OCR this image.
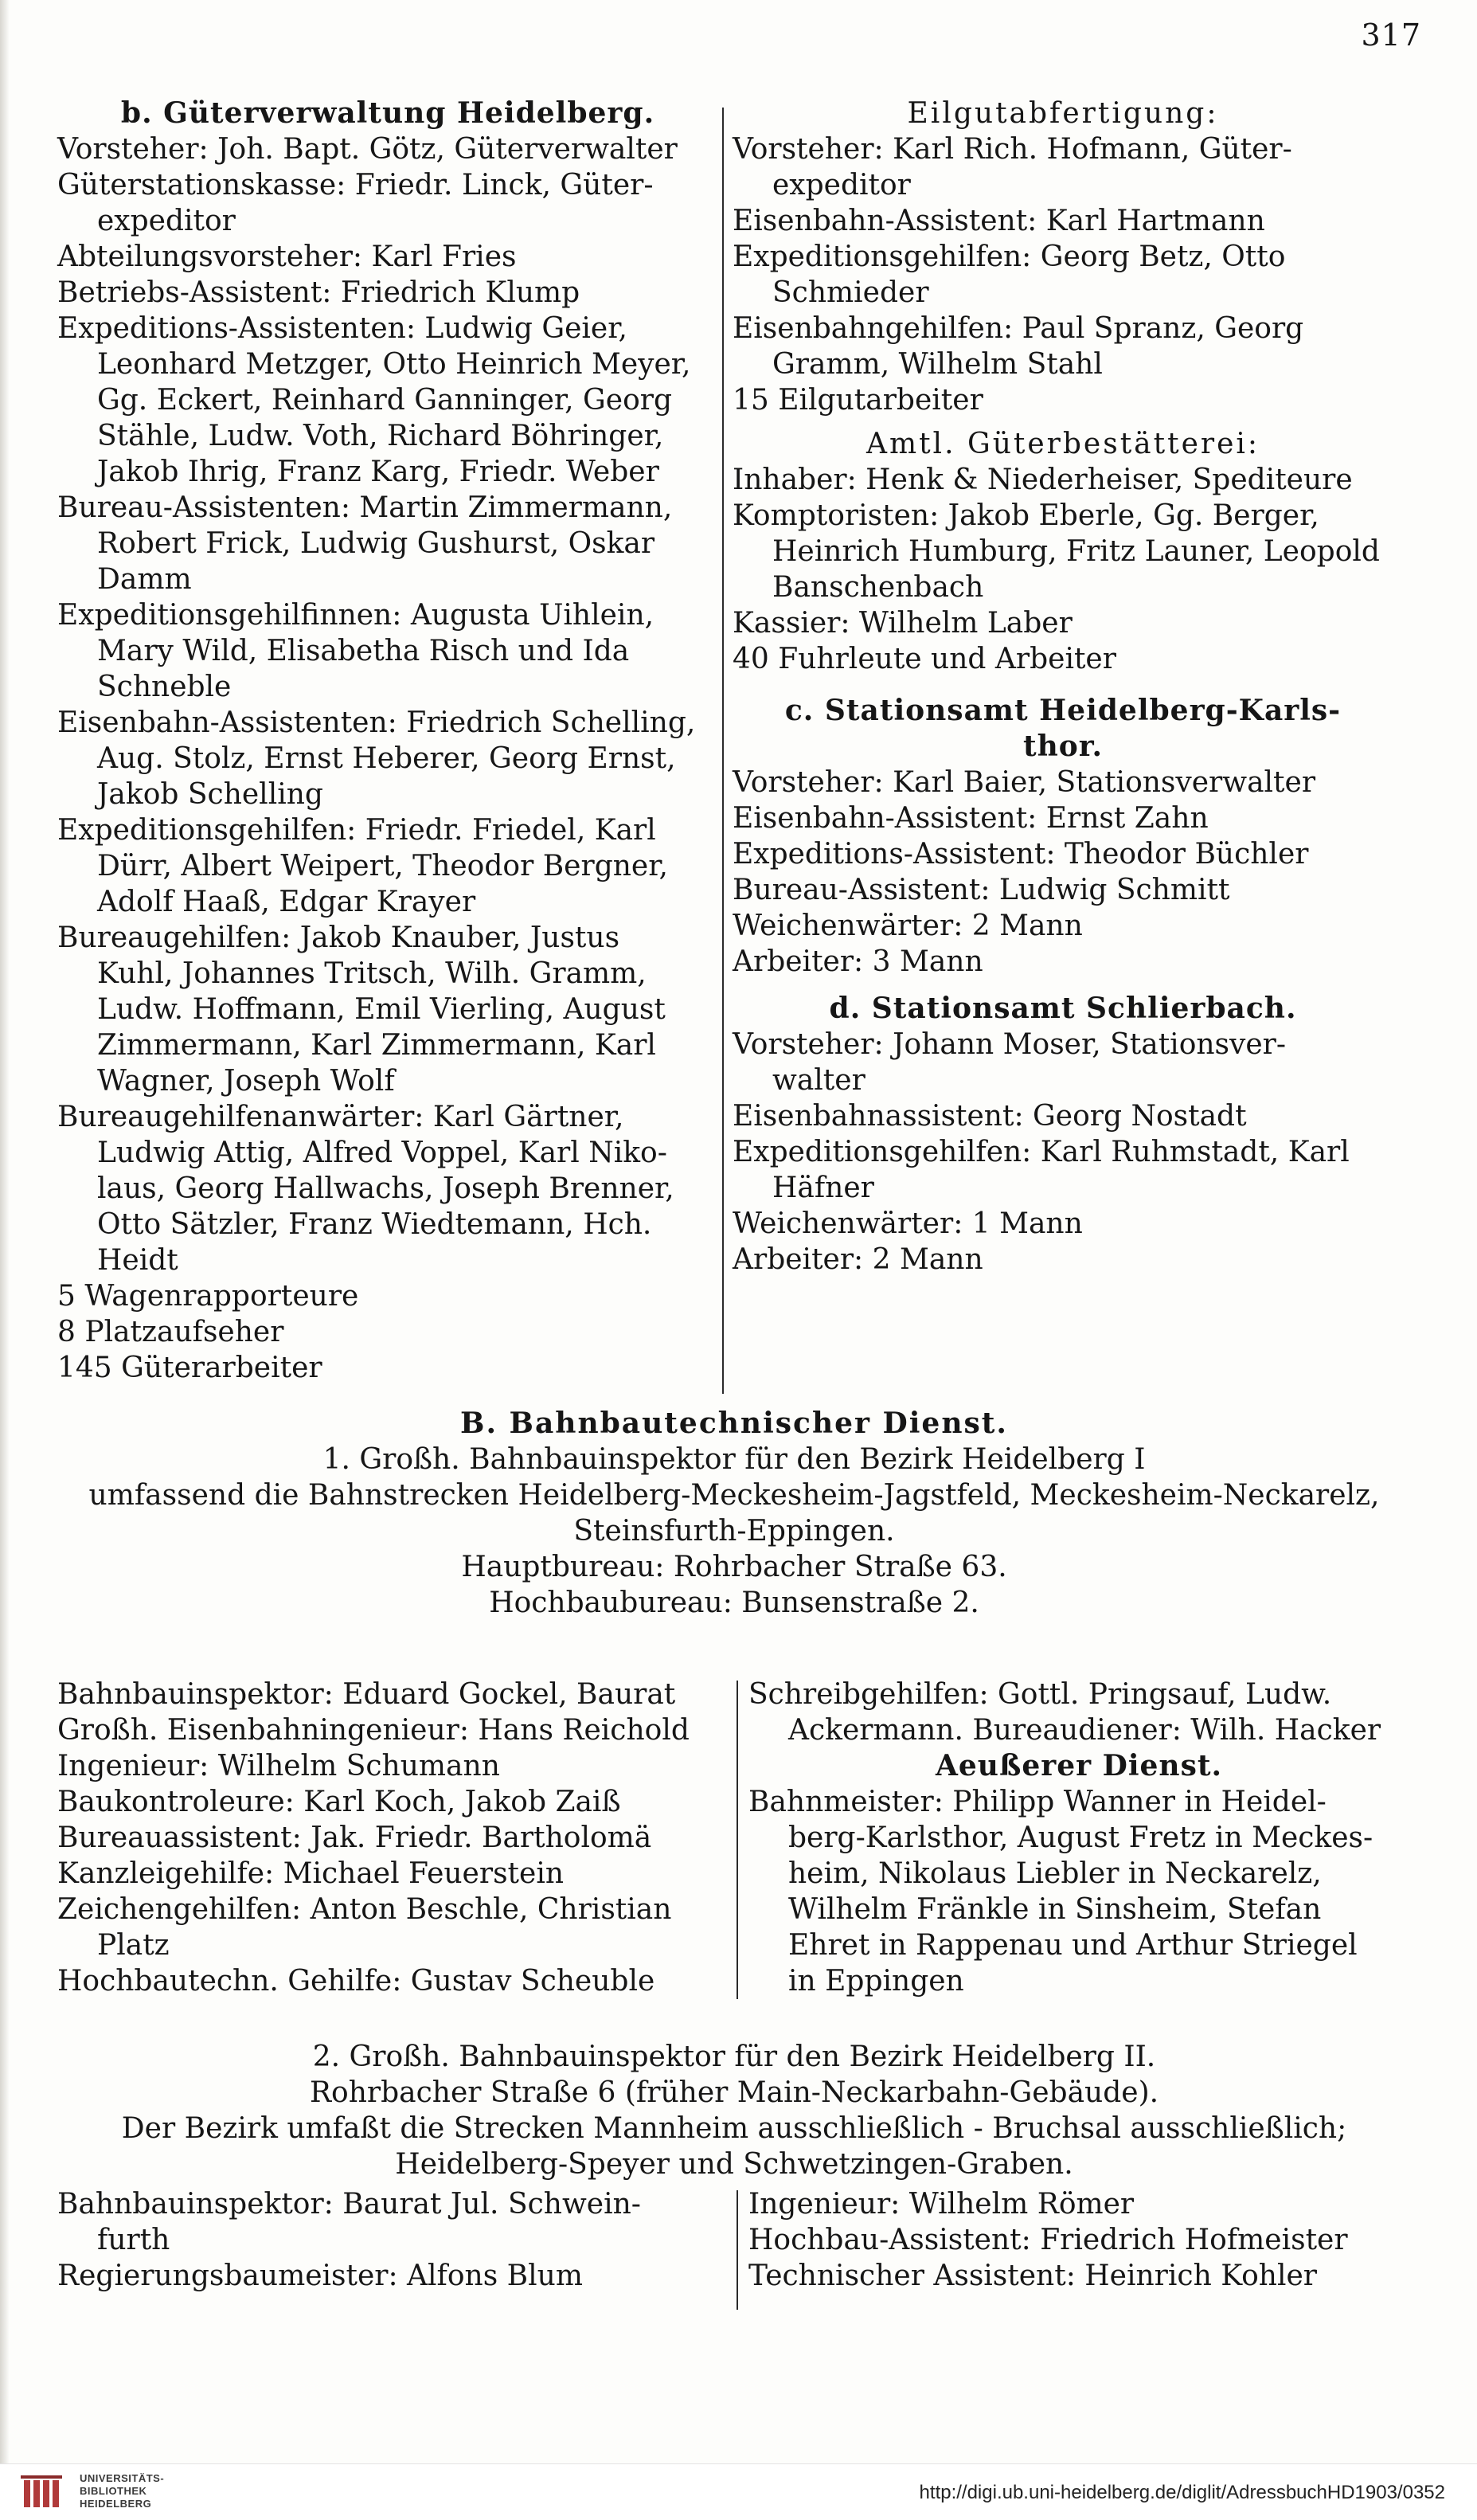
317
b. Güterverwaltung Heidelberg.
Vorsteher: Joh. Bapt. Götz, Güterverwalter
Güterstationskasse: Friedr. Linck, Güter-
expeditor
Abteilungsvorsteher: Karl Fries
Betriebs-Assistent: Friedrich Klump
Expeditions-Assistenten: Ludwig Geier,
Leonhard Metzger, Otto Heinrich Meyer,
Gg. Eckert, Reinhard Ganninger, Georg
Stähle, Ludw. Voth, Richard Böhringer,
Jakob Ihrig, Franz Karg, Friedr. Weber
Bureau-Assistenten: Martin Zimmermann,
Robert Frick, Ludwig Gushurst, Oskar
Damm
Expeditionsgehilfinnen: Augusta Uihlein,
Mary Wild, Elisabetha Risch und Ida
Schneble
Eisenbahn-Assistenten: Friedrich Schelling,
Aug. Stolz, Ernst Heberer, Georg Ernst,
Jakob Schelling
Expeditionsgehilfen: Friedr. Friedel, Karl
Dürr, Albert Weipert, Theodor Bergner,
Adolf Haaß, Edgar Krayer
Bureaugehilfen: Jakob Knauber, Justus
Kuhl, Johannes Tritsch, Wilh. Gramm,
Ludw. Hoffmann, Emil Vierling, August
Zimmermann, Karl Zimmermann, Karl
Wagner, Joseph Wolf
Bureaugehilfenanwärter: Karl Gärtner,
Ludwig Attig, Alfred Voppel, Karl Niko-
laus, Georg Hallwachs, Joseph Brenner,
Otto Sätzler, Franz Wiedtemann, Hch.
Heidt
5 Wagenrapporteure
8 Platzaufseher
145 Güterarbeiter
Eilgutabfertigung:
Vorsteher: Karl Rich. Hofmann, Güter-
expeditor
Eisenbahn-Assistent: Karl Hartmann
Expeditionsgehilfen: Georg Betz, Otto
Schmieder
Eisenbahngehilfen: Paul Spranz, Georg
Gramm, Wilhelm Stahl
15 Eilgutarbeiter
Amtl. Güterbestätterei:
Inhaber: Henk & Niederheiser, Spediteure
Komptoristen: Jakob Eberle, Gg. Berger,
Heinrich Humburg, Fritz Launer, Leopold
Banschenbach
Kassier: Wilhelm Laber
40 Fuhrleute und Arbeiter
c. Stationsamt Heidelberg-Karls-
thor.
Vorsteher: Karl Baier, Stationsverwalter
Eisenbahn-Assistent: Ernst Zahn
Expeditions-Assistent: Theodor Büchler
Bureau-Assistent: Ludwig Schmitt
Weichenwärter: 2 Mann
Arbeiter: 3 Mann
d. Stationsamt Schlierbach.
Vorsteher: Johann Moser, Stationsver-
walter
Eisenbahnassistent: Georg Nostadt
Expeditionsgehilfen: Karl Ruhmstadt, Karl
Häfner
Weichenwärter: 1 Mann
Arbeiter: 2 Mann
B. Bahnbautechnischer Dienst.
1. Großh. Bahnbauinspektor für den Bezirk Heidelberg I
umfassend die Bahnstrecken Heidelberg-Meckesheim-Jagstfeld, Meckesheim-Neckarelz,
Steinsfurth-Eppingen.
Hauptbureau: Rohrbacher Straße 63.
Hochbaubureau: Bunsenstraße 2.
Bahnbauinspektor: Eduard Gockel, Baurat
Großh. Eisenbahningenieur: Hans Reichold
Ingenieur: Wilhelm Schumann
Baukontroleure: Karl Koch, Jakob Zaiß
Bureauassistent: Jak. Friedr. Bartholomä
Kanzleigehilfe: Michael Feuerstein
Zeichengehilfen: Anton Beschle, Christian
Platz
Hochbautechn. Gehilfe: Gustav Scheuble
Schreibgehilfen: Gottl. Pringsauf, Ludw.
Ackermann. Bureaudiener: Wilh. Hacker
Aeußerer Dienst.
Bahnmeister: Philipp Wanner in Heidel-
berg-Karlsthor, August Fretz in Meckes-
heim, Nikolaus Liebler in Neckarelz,
Wilhelm Fränkle in Sinsheim, Stefan
Ehret in Rappenau und Arthur Striegel
in Eppingen
2. Großh. Bahnbauinspektor für den Bezirk Heidelberg II.
Rohrbacher Straße 6 (früher Main-Neckarbahn-Gebäude).
Der Bezirk umfaßt die Strecken Mannheim ausschließlich - Bruchsal ausschließlich;
Heidelberg-Speyer und Schwetzingen-Graben.
Bahnbauinspektor: Baurat Jul. Schwein-
furth
Regierungsbaumeister: Alfons Blum
Ingenieur: Wilhelm Römer
Hochbau-Assistent: Friedrich Hofmeister
Technischer Assistent: Heinrich Kohler
UNIVERSITÄTS-
BIBLIOTHEK
HEIDELBERG
http://digi.ub.uni-heidelberg.de/diglit/AdressbuchHD1903/0352
